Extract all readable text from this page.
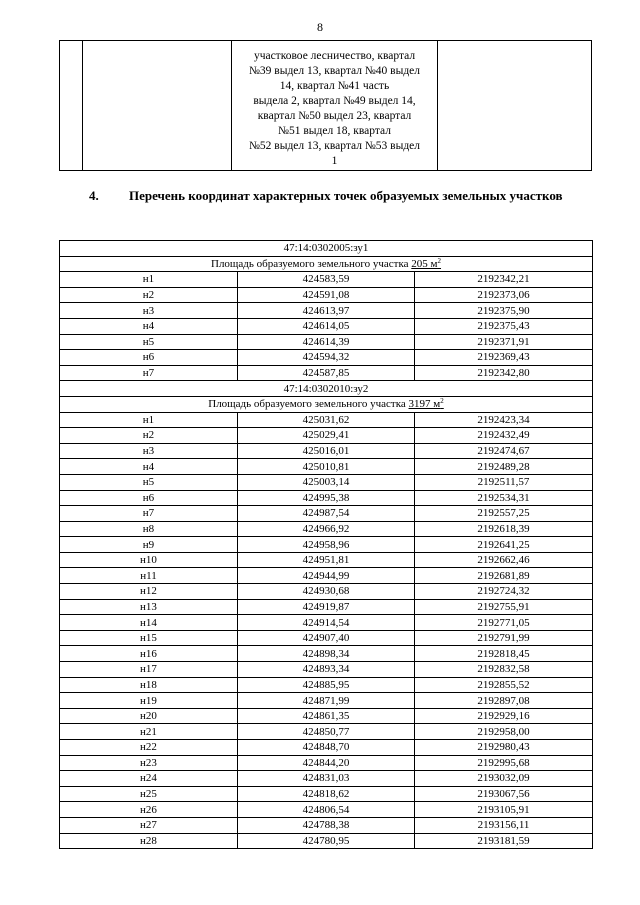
8

участковое лесничество, квартал
№39 выдел 13, квартал №40 выдел
14, квартал №41 часть
выдела 2, квартал №49 выдел 14,
квартал №50 выдел 23, квартал
№51 выдел 18, квартал
№52 выдел 13, квартал №53 выдел
1

4. Перечень координат характерных точек образуемых земельных участков
47:14:0302005:зу1		
Площадь образуемого земельного участка 205 $м^2$
н1	424583,59	2192342,21
н2	424591,08	2192373,06
н3	424613,97	2192375,90
н4	424614,05	2192375,43
н5	424614,39	2192371,91
н6	424594,32	2192369,43
н7	424587,85	2192342,80
47:14:0302010:зу2		
Площадь образуемого земельного участка 3197 $м^2$
н1	425031,62	2192423,34
н2	425029,41	2192432,49
н3	425016,01	2192474,67
н4	425010,81	2192489,28
н5	425003,14	2192511,57
н6	424995,38	2192534,31
н7	424987,54	2192557,25
н8	424966,92	2192618,39
н9	424958,96	2192641,25
н10	424951,81	2192662,46
н11	424944,99	2192681,89
н12	424930,68	2192724,32
н13	424919,87	2192755,91
н14	424914,54	2192771,05
н15	424907,40	2192791,99
н16	424898,34	2192818,45
н17	424893,34	2192832,58
н18	424885,95	2192855,52
н19	424871,99	2192897,08
н20	424861,35	2192929,16
н21	424850,77	2192958,00
н22	424848,70	2192980,43
н23	424844,20	2192995,68
н24	424831,03	2193032,09
н25	424818,62	2193067,56
н26	424806,54	2193105,91
н27	424788,38	2193156,11
н28	424780,95	2193181,59
